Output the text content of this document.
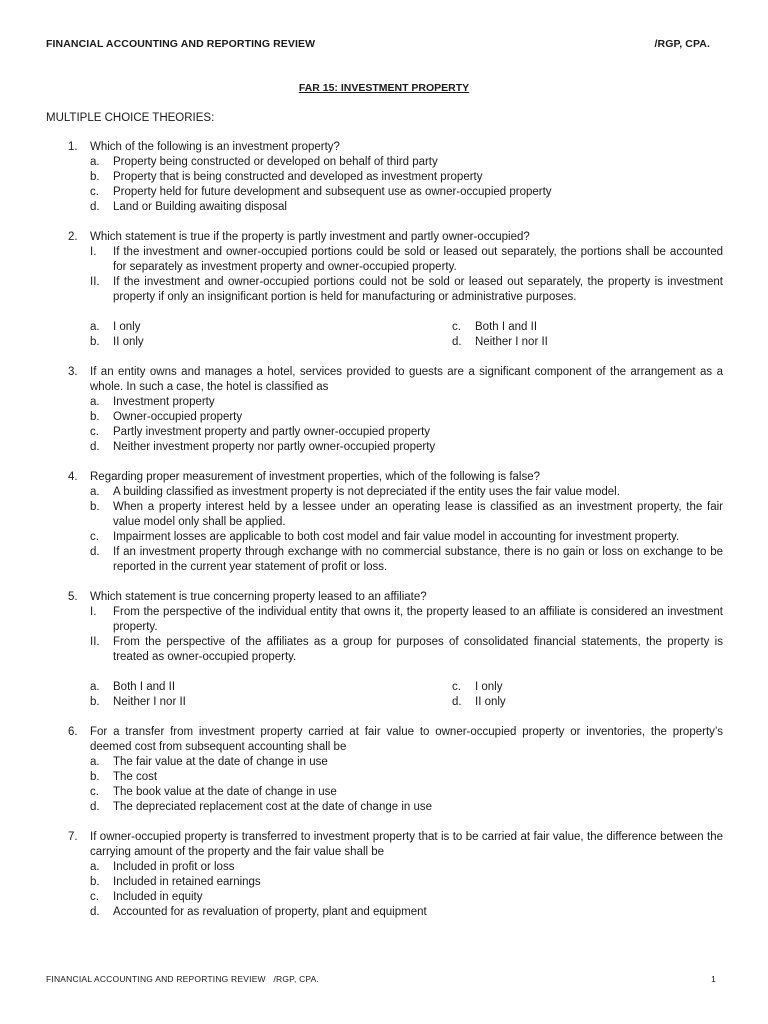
FINANCIAL ACCOUNTING AND REPORTING REVIEW	/RGP, CPA.
FAR 15: INVESTMENT PROPERTY
MULTIPLE CHOICE THEORIES:
1.	Which of the following is an investment property?
a.	Property being constructed or developed on behalf of third party
b.	Property that is being constructed and developed as investment property
c.	Property held for future development and subsequent use as owner-occupied property
d.	Land or Building awaiting disposal
2.	Which statement is true if the property is partly investment and partly owner-occupied?
I.	If the investment and owner-occupied portions could be sold or leased out separately, the portions shall be accounted for separately as investment property and owner-occupied property.
II.	If the investment and owner-occupied portions could not be sold or leased out separately, the property is investment property if only an insignificant portion is held for manufacturing or administrative purposes.
a.	I only	c.	Both I and II
b.	II only	d.	Neither I nor II
3.	If an entity owns and manages a hotel, services provided to guests are a significant component of the arrangement as a whole. In such a case, the hotel is classified as
a.	Investment property
b.	Owner-occupied property
c.	Partly investment property and partly owner-occupied property
d.	Neither investment property nor partly owner-occupied property
4.	Regarding proper measurement of investment properties, which of the following is false?
a.	A building classified as investment property is not depreciated if the entity uses the fair value model.
b.	When a property interest held by a lessee under an operating lease is classified as an investment property, the fair value model only shall be applied.
c.	Impairment losses are applicable to both cost model and fair value model in accounting for investment property.
d.	If an investment property through exchange with no commercial substance, there is no gain or loss on exchange to be reported in the current year statement of profit or loss.
5.	Which statement is true concerning property leased to an affiliate?
I.	From the perspective of the individual entity that owns it, the property leased to an affiliate is considered an investment property.
II.	From the perspective of the affiliates as a group for purposes of consolidated financial statements, the property is treated as owner-occupied property.
a.	Both I and II	c.	I only
b.	Neither I nor II	d.	II only
6.	For a transfer from investment property carried at fair value to owner-occupied property or inventories, the property’s deemed cost from subsequent accounting shall be
a.	The fair value at the date of change in use
b.	The cost
c.	The book value at the date of change in use
d.	The depreciated replacement cost at the date of change in use
7.	If owner-occupied property is transferred to investment property that is to be carried at fair value, the difference between the carrying amount of the property and the fair value shall be
a.	Included in profit or loss
b.	Included in retained earnings
c.	Included in equity
d.	Accounted for as revaluation of property, plant and equipment
FINANCIAL ACCOUNTING AND REPORTING REVIEW   /RGP, CPA.	1
